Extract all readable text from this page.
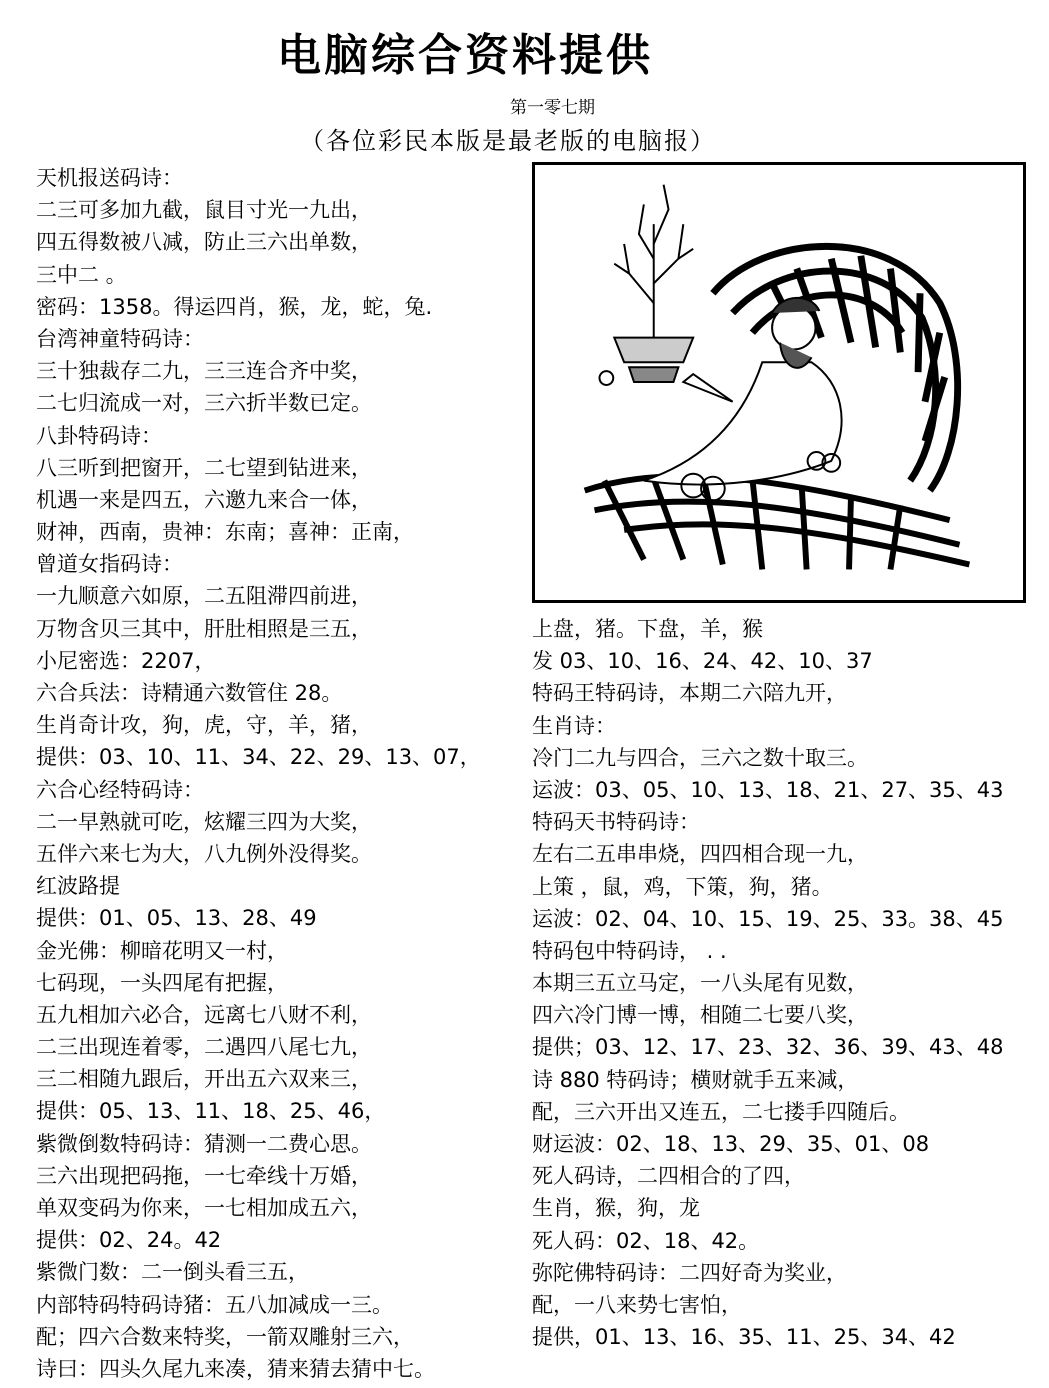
电脑综合资料提供
第一零七期
（各位彩民本版是最老版的电脑报）
天机报送码诗：
二三可多加九截，鼠目寸光一九出，
四五得数被八减，防止三六出单数，
三中二 。
密码：1358。得运四肖，猴，龙，蛇，兔.
台湾神童特码诗：
三十独裁存二九，三三连合齐中奖，
二七归流成一对，三六折半数已定。
八卦特码诗：
八三听到把窗开，二七望到钻进来，
机遇一来是四五，六邀九来合一体，
财神，西南，贵神：东南；喜神：正南，
曾道女指码诗：
一九顺意六如原，二五阻滞四前进，
万物含贝三其中，肝肚相照是三五，
小尼密选：2207，
六合兵法：诗精通六数管住 28。
生肖奇计攻，狗，虎，守，羊，猪，
提供：03、10、11、34、22、29、13、07，
六合心经特码诗：
二一早熟就可吃，炫耀三四为大奖，
五伴六来七为大，八九例外没得奖。
红波路提
提供：01、05、13、28、49
金光佛：柳暗花明又一村，
七码现，一头四尾有把握，
五九相加六必合，远离七八财不利，
二三出现连着零，二遇四八尾七九，
三二相随九跟后，开出五六双来三，
提供：05、13、11、18、25、46，
紫微倒数特码诗：猜测一二费心思。
三六出现把码拖，一七牵线十万婚，
单双变码为你来，一七相加成五六，
提供：02、24。42
紫微门数：二一倒头看三五，
内部特码特码诗猪：五八加减成一三。
配；四六合数来特奖，一箭双雕射三六，
诗曰：四头久尾九来凑，猜来猜去猜中七。
上盘，猪。下盘，羊，猴
发 03、10、16、24、42、10、37
特码王特码诗，本期二六陪九开，
生肖诗：
冷门二九与四合，三六之数十取三。
运波：03、05、10、13、18、21、27、35、43
特码天书特码诗：
左右二五串串烧，四四相合现一九，
上策 ，鼠，鸡，下策，狗，猪。
运波：02、04、10、15、19、25、33。38、45
特码包中特码诗， . .
本期三五立马定，一八头尾有见数，
四六冷门博一博，相随二七要八奖，
提供；03、12、17、23、32、36、39、43、48
诗 880 特码诗；横财就手五来减，
配，三六开出又连五，二七搂手四随后。
财运波：02、18、13、29、35、01、08
死人码诗，二四相合的了四，
生肖，猴，狗，龙
死人码：02、18、42。
弥陀佛特码诗：二四好奇为奖业，
配，一八来势七害怕，
提供，01、13、16、35、11、25、34、42
